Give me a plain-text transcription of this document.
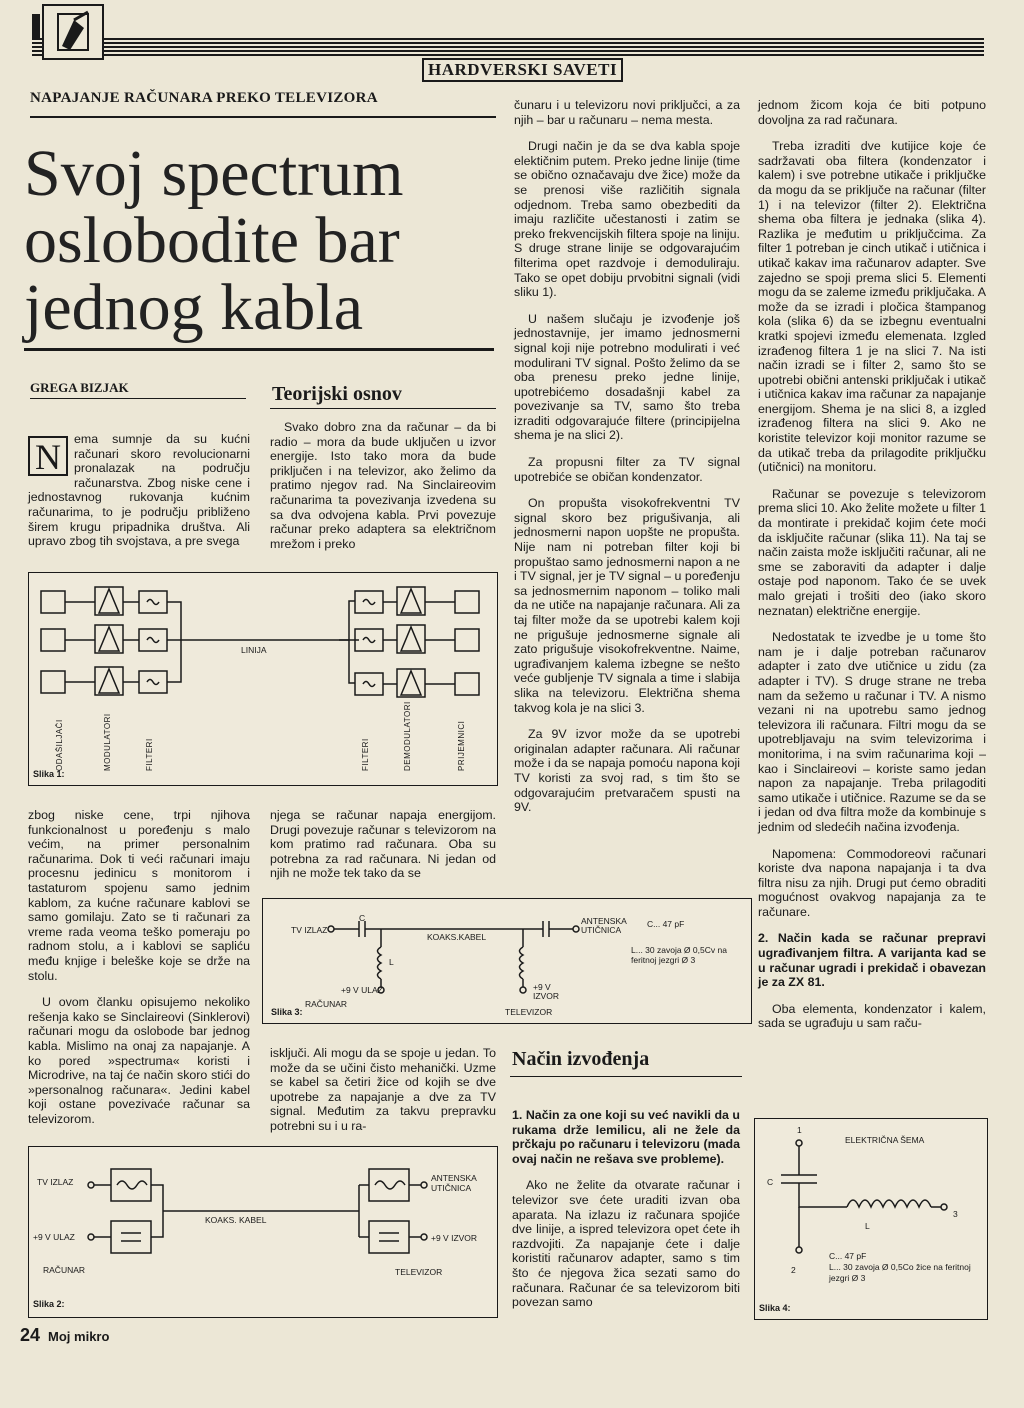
HARDVERSKI SAVETI
NAPAJANJE RAČUNARA PREKO TELEVIZORA
Svoj spectrum
oslobodite bar
jednog kabla
GREGA BIZJAK
N	ema sumnje da su kućni računari skoro revolucionarni pronalazak na području računarstva. Zbog niske cene i jednostavnog rukovanja kućnim računarima, to je području približeno širem krugu pripadnika društva. Ali upravo zbog tih svojstava, a pre svega
Teorijski osnov

Svako dobro zna da računar – da bi radio – mora da bude uključen u izvor energije. Isto tako mora da bude priključen i na televizor, ako želimo da pratimo njegov rad. Na Sinclaireovim računarima ta povezivanja izvedena su sa dva odvojena kabla. Prvi povezuje računar preko adaptera sa električnom mrežom i preko

LINIJA
ODAŠILJAČI	MODULATORI	FILTERI	FILTERI	DEMODULATORI	PRIJEMNICI
Slika 1:

zbog niske cene, trpi njihova funkcionalnost u poređenju s malo većim, na primer personalnim računarima. Dok ti veći računari imaju procesnu jedinicu s monitorom i tastaturom spojenu samo jednim kablom, za kućne računare kablovi se samo gomilaju. Zato se ti računari za vreme rada veoma teško pomeraju po radnom stolu, a i kablovi se sapliću među knjige i beleške koje se drže na stolu.

U ovom članku opisujemo nekoliko rešenja kako se Sinclaireovi (Sinklerovi) računari mogu da oslobode bar jednog kabla. Mislimo na onaj za napajanje. A ko pored »spectruma« koristi i Microdrive, na taj će način skoro stići do »personalnog računara«. Jedini kabel koji ostane povezivaće računar sa televizorom.

njega se računar napaja energijom. Drugi povezuje računar s televizorom na kom pratimo rad računara. Oba su potrebna za rad računara. Ni jedan od njih ne može tek tako da se

TV IZLAZ
C
L
KOAKS.KABEL
ANTENSKA UTIČNICA
C... 47 pF
L... 30 zavoja Ø 0,5Cv na feritnoj jezgri Ø 3
+9 V ULAZ
RAČUNAR
+9 V IZVOR
TELEVIZOR
Slika 3:

isključi. Ali mogu da se spoje u jedan. To može da se učini čisto mehanički. Uzme se kabel sa četiri žice od kojih se dve upotrebe za napajanje a dve za TV signal. Međutim za takvu prepravku potrebni su i u ra-

TV IZLAZ
+9 V ULAZ
RAČUNAR
KOAKS. KABEL
ANTENSKA UTIČNICA
+9 V IZVOR
TELEVIZOR
Slika 2:

čunaru i u televizoru novi priključci, a za njih – bar u računaru – nema mesta.

Drugi način je da se dva kabla spoje elektičnim putem. Preko jedne linije (time se obično označavaju dve žice) može da se prenosi više različitih signala odjednom. Treba samo obezbediti da imaju različite učestanosti i zatim se preko frekvencijskih filtera spoje na liniju. S druge strane linije se odgovarajućim filterima opet razdvoje i demoduliraju. Tako se opet dobiju prvobitni signali (vidi sliku 1).

U našem slučaju je izvođenje još jednostavnije, jer imamo jednosmerni signal koji nije potrebno modulirati i već modulirani TV signal. Pošto želimo da se oba prenesu preko jedne linije, upotrebićemo dosadašnji kabel za povezivanje sa TV, samo što treba izraditi odgovarajuće filtere (principijelna shema je na slici 2).

Za propusni filter za TV signal upotrebiće se običan kondenzator.

On propušta visokofrekventni TV signal skoro bez prigušivanja, ali jednosmerni napon uopšte ne propušta. Nije nam ni potreban filter koji bi propuštao samo jednosmerni napon a ne i TV signal, jer je TV signal – u poređenju sa jednosmernim naponom – toliko mali da ne utiče na napajanje računara. Ali za taj filter može da se upotrebi kalem koji ne prigušuje jednosmerne signale ali zato prigušuje visokofrekventne. Naime, ugrađivanjem kalema izbegne se nešto veće gubljenje TV signala a time i slabija slika na televizoru. Električna shema takvog kola je na slici 3.

Za 9V izvor može da se upotrebi originalan adapter računara. Ali računar može i da se napaja pomoću napona koji TV koristi za svoj rad, s tim što se odgovarajućim pretvaračem spusti na 9V.

Način izvođenja

1. Način za one koji su već navikli da u rukama drže lemilicu, ali ne žele da prčkaju po računaru i televizoru (mada ovaj način ne rešava sve probleme).

Ako ne želite da otvarate računar i televizor sve ćete uraditi izvan oba aparata. Na izlazu iz računara spojiće dve linije, a ispred televizora opet ćete ih razdvojiti. Za napajanje ćete i dalje koristiti računarov adapter, samo s tim što će njegova žica sezati samo do računara. Računar će sa televizorom biti povezan samo

jednom žicom koja će biti potpuno dovoljna za rad računara.

Treba izraditi dve kutijice koje će sadržavati oba filtera (kondenzator i kalem) i sve potrebne utikače i priključke da mogu da se priključe na računar (filter 1) i na televizor (filter 2). Električna shema oba filtera je jednaka (slika 4). Razlika je međutim u priključcima. Za filter 1 potreban je cinch utikač i utičnica i utikač kakav ima računarov adapter. Sve zajedno se spoji prema slici 5. Elementi mogu da se zaleme između priključaka. A može da se izradi i pločica štampanog kola (slika 6) da se izbegnu eventualni kratki spojevi između elemenata. Izgled izrađenog filtera 1 je na slici 7. Na isti način izradi se i filter 2, samo što se upotrebi obični antenski priključak i utikač i utičnica kakav ima računar za napajanje energijom. Shema je na slici 8, a izgled izrađenog filtera na slici 9. Ako ne koristite televizor koji monitor razume se da utikač treba da prilagodite priključku (utičnici) na monitoru.

Računar se povezuje s televizorom prema slici 10. Ako želite možete u filter 1 da montirate i prekidač kojim ćete moći da isključite računar (slika 11). Na taj se način zaista može isključiti računar, ali ne sme se zaboraviti da adapter i dalje ostaje pod naponom. Tako će se uvek malo grejati i trošiti deo (iako skoro neznatan) električne energije.

Nedostatak te izvedbe je u tome što nam je i dalje potreban računarov adapter i zato dve utičnice u zidu (za adapter i TV). S druge strane ne treba nam da sežemo u računar i TV. A nismo vezani ni na upotrebu samo jednog televizora ili računara. Filtri mogu da se upotrebljavaju na svim televizorima i monitorima, i na svim računarima koji – kao i Sinclaireovi – koriste samo jedan napon za napajanje. Treba prilagoditi samo utikače i utičnice. Razume se da se i jedan od dva filtra može da kombinuje s jednim od sledećih načina izvođenja.

Napomena: Commodoreovi računari koriste dva napona napajanja i ta dva filtra nisu za njih. Drugi put ćemo obraditi mogućnost ovakvog napajanja za te računare.

2. Način kada se računar prepravi ugrađivanjem filtra. A varijanta kad se u računar ugradi i prekidač i obavezan je za ZX 81.

Oba elementa, kondenzator i kalem, sada se ugrađuju u sam raču-

ELEKTRIČNA ŠEMA
1
C
L
3
2
C... 47 pF
L... 30 zavoja Ø 0,5Co žice na feritnoj jezgri Ø 3
Slika 4:
24 Moj mikro
